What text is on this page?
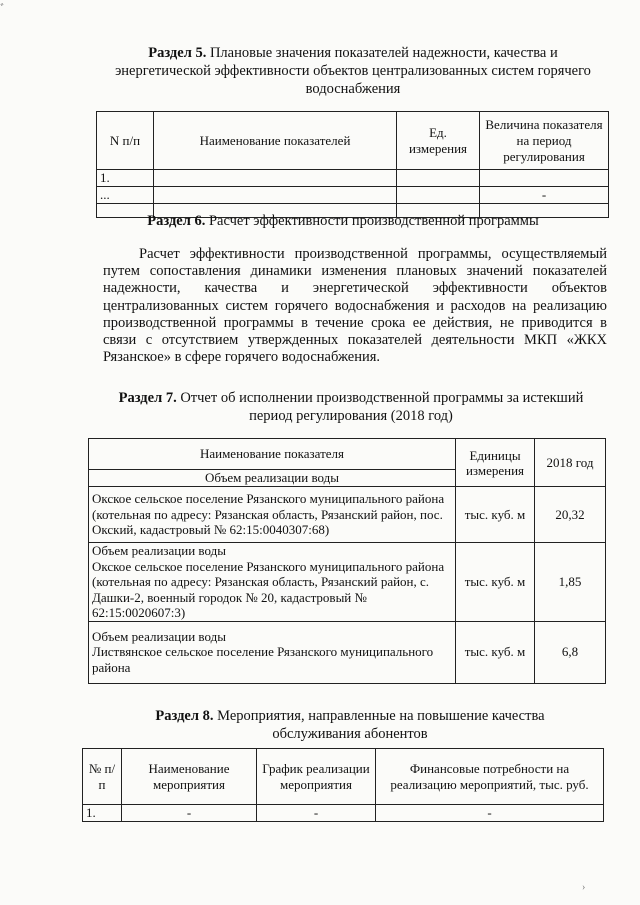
ﾞ
Раздел 5. Плановые значения показателей надежности, качества и энергетической эффективности объектов централизованных систем горячего водоснабжения
N п/п	Наименование показателей	Ед. измерения	Величина показателя на период регулирования
1.			
...			-

Раздел 6. Расчет эффективности производственной программы
Расчет эффективности производственной программы, осуществляемый путем сопоставления динамики изменения плановых значений показателей надежности, качества и энергетической эффективности объектов централизованных систем горячего водоснабжения и расходов на реализацию производственной программы в течение срока ее действия, не приводится в связи с отсутствием утвержденных показателей деятельности МКП «ЖКХ Рязанское» в сфере горячего водоснабжения.
Раздел 7. Отчет об исполнении производственной программы за истекший период регулирования (2018 год)
Наименование показателя	Единицы измерения	2018 год
Объем реализации воды		

Окское сельское поселение Рязанского муниципального района (котельная по адресу: Рязанская область, Рязанский район, пос. Окский, кадастровый № 62:15:0040307:68)	тыс. куб. м	20,32
Объем реализации воды
Окское сельское поселение Рязанского муниципального района (котельная по адресу: Рязанская область, Рязанский район, с. Дашки-2, военный городок № 20, кадастровый № 62:15:0020607:3)	тыс. куб. м	1,85
Объем реализации воды
Листвянское сельское поселение Рязанского муниципального района	тыс. куб. м	6,8
Раздел 8. Мероприятия, направленные на повышение качества обслуживания абонентов
№ п/п	Наименование мероприятия	График реализации мероприятия	Финансовые потребности на реализацию мероприятий, тыс. руб.
1.	-	-	-
›
